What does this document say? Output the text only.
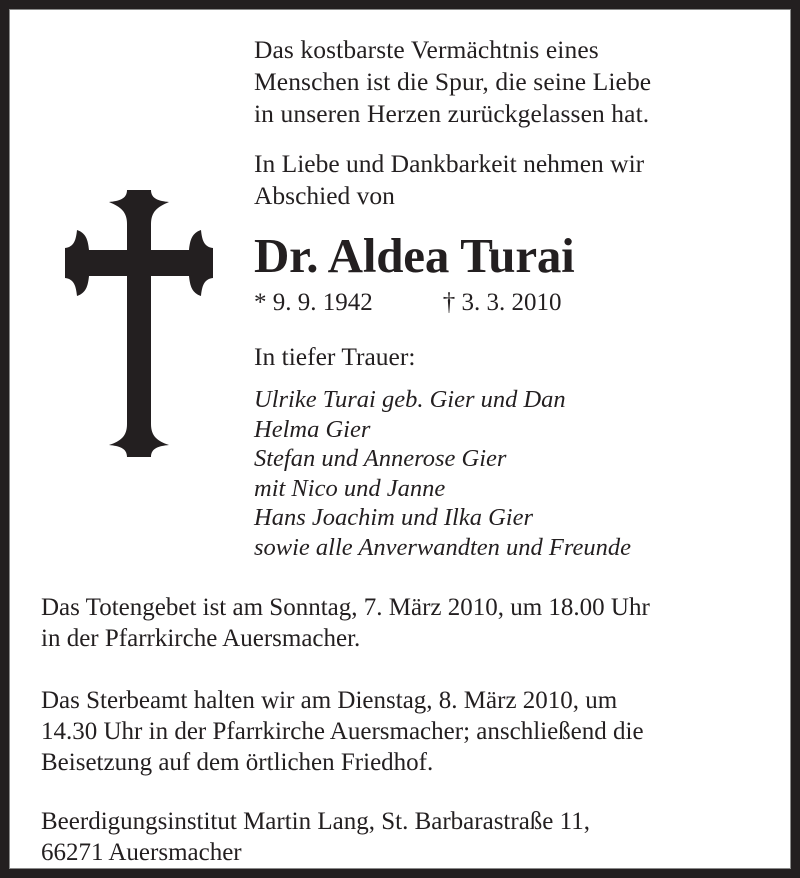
Das kostbarste Vermächtnis eines
Menschen ist die Spur, die seine Liebe
in unseren Herzen zurückgelassen hat.
In Liebe und Dankbarkeit nehmen wir
Abschied von
Dr. Aldea Turai
* 9. 9. 1942	† 3. 3. 2010
In tiefer Trauer:
Ulrike Turai geb. Gier und Dan
Helma Gier
Stefan und Annerose Gier
mit Nico und Janne
Hans Joachim und Ilka Gier
sowie alle Anverwandten und Freunde
Das Totengebet ist am Sonntag, 7. März 2010, um 18.00 Uhr
in der Pfarrkirche Auersmacher.
Das Sterbeamt halten wir am Dienstag, 8. März 2010, um
14.30 Uhr in der Pfarrkirche Auersmacher; anschließend die
Beisetzung auf dem örtlichen Friedhof.
Beerdigungsinstitut Martin Lang, St. Barbarastraße 11,
66271 Auersmacher
